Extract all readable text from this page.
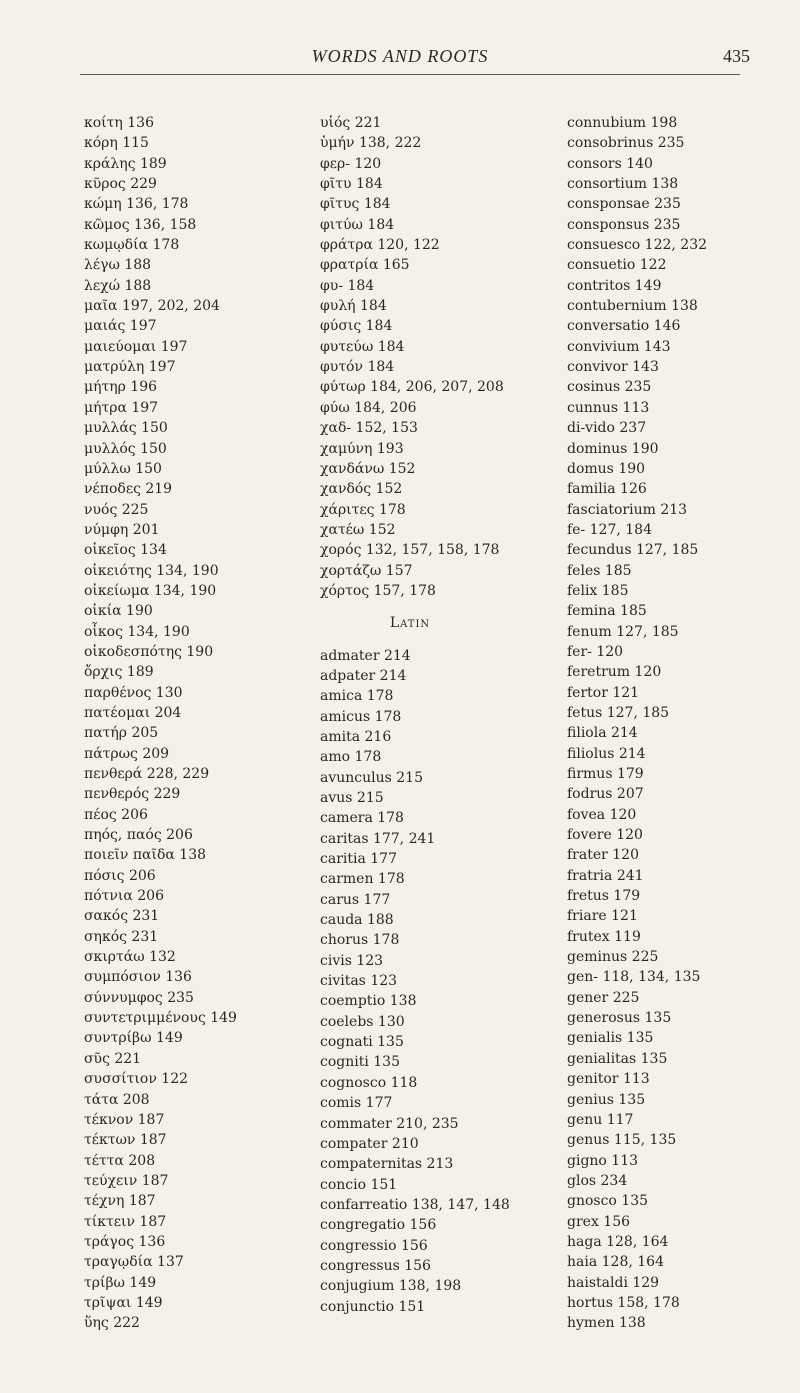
WORDS AND ROOTS	435
κοίτη 136
κόρη 115
κράλης 189
κῦρος 229
κώμη 136, 178
κῶμος 136, 158
κωμῳδία 178
λέγω 188
λεχώ 188
μαῖα 197, 202, 204
μαιάς 197
μαιεύομαι 197
ματρύλη 197
μήτηρ 196
μήτρα 197
μυλλάς 150
μυλλός 150
μύλλω 150
νέποδες 219
νυός 225
νύμφη 201
οἰκεῖος 134
οἰκειότης 134, 190
οἰκείωμα 134, 190
οἰκία 190
οἶκος 134, 190
οἰκοδεσπότης 190
ὄρχις 189
παρθένος 130
πατέομαι 204
πατήρ 205
πάτρως 209
πενθερά 228, 229
πενθερός 229
πέος 206
πηός, παός 206
ποιεῖν παῖδα 138
πόσις 206
πότνια 206
σακός 231
σηκός 231
σκιρτάω 132
συμπόσιον 136
σύννυμφος 235
συντετριμμένους 149
συντρίβω 149
σῦς 221
συσσίτιον 122
τάτα 208
τέκνον 187
τέκτων 187
τέττα 208
τεύχειν 187
τέχνη 187
τίκτειν 187
τράγος 136
τραγῳδία 137
τρίβω 149
τρῖψαι 149
ὕης 222
υἱός 221
ὑμήν 138, 222
φερ- 120
φῖτυ 184
φῖτυς 184
φιτύω 184
φράτρα 120, 122
φρατρία 165
φυ- 184
φυλή 184
φύσις 184
φυτεύω 184
φυτόν 184
φύτωρ 184, 206, 207, 208
φύω 184, 206
χαδ- 152, 153
χαμύνη 193
χανδάνω 152
χανδός 152
χάριτες 178
χατέω 152
χορός 132, 157, 158, 178
χορτάζω 157
χόρτος 157, 178
Latin
admater 214
adpater 214
amica 178
amicus 178
amita 216
amo 178
avunculus 215
avus 215
camera 178
caritas 177, 241
caritia 177
carmen 178
carus 177
cauda 188
chorus 178
civis 123
civitas 123
coemptio 138
coelebs 130
cognati 135
cogniti 135
cognosco 118
comis 177
commater 210, 235
compater 210
compaternitas 213
concio 151
confarreatio 138, 147, 148
congregatio 156
congressio 156
congressus 156
conjugium 138, 198
conjunctio 151
connubium 198
consobrinus 235
consors 140
consortium 138
consponsae 235
consponsus 235
consuesco 122, 232
consuetio 122
contritos 149
contubernium 138
conversatio 146
convivium 143
convivor 143
cosinus 235
cunnus 113
di-vido 237
dominus 190
domus 190
familia 126
fasciatorium 213
fe- 127, 184
fecundus 127, 185
feles 185
felix 185
femina 185
fenum 127, 185
fer- 120
feretrum 120
fertor 121
fetus 127, 185
filiola 214
filiolus 214
firmus 179
fodrus 207
fovea 120
fovere 120
frater 120
fratria 241
fretus 179
friare 121
frutex 119
geminus 225
gen- 118, 134, 135
gener 225
generosus 135
genialis 135
genialitas 135
genitor 113
genius 135
genu 117
genus 115, 135
gigno 113
glos 234
gnosco 135
grex 156
haga 128, 164
haia 128, 164
haistaldi 129
hortus 158, 178
hymen 138
